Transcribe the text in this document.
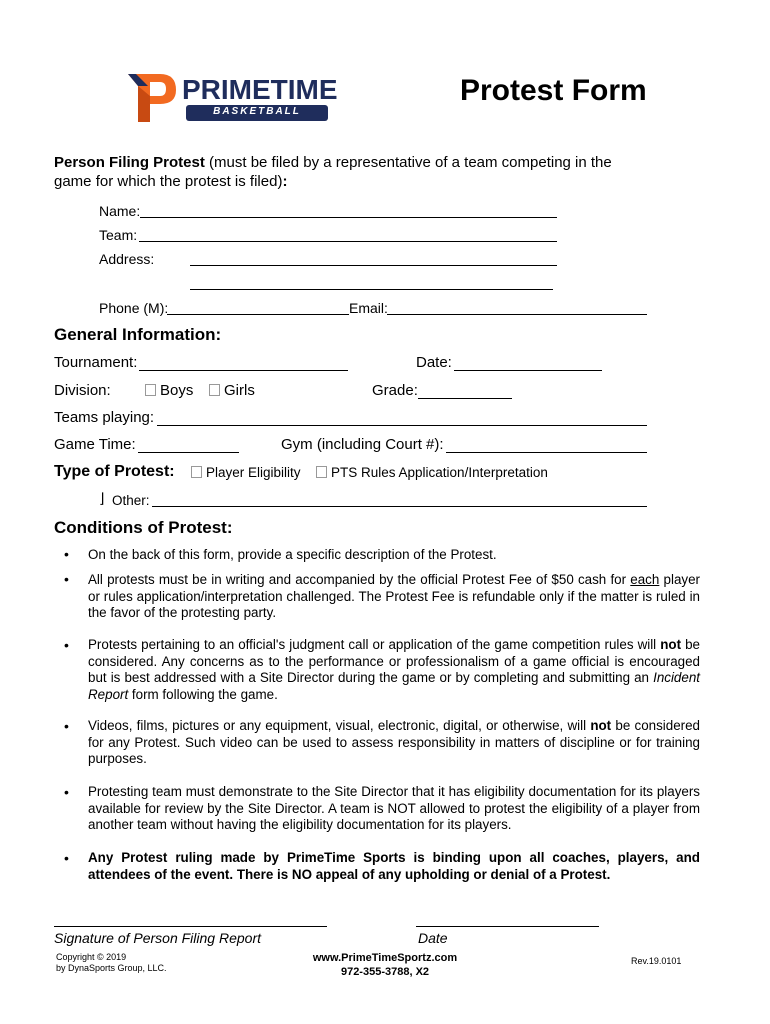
PRIMETIME
BASKETBALL
Protest Form
Person Filing Protest (must be filed by a representative of a team competing in the
game for which the protest is filed):
Name:
Team:
Address:
Phone (M):	Email:
General Information:
Tournament:	Date:
Division:	Boys	Girls	Grade:
Teams playing:
Game Time:	Gym (including Court #):
Type of Protest:	Player Eligibility	PTS Rules Application/Interpretation
⌋ Other:
Conditions of Protest:
• On the back of this form, provide a specific description of the Protest.
• All protests must be in writing and accompanied by the official Protest Fee of $50 cash for each player or rules application/interpretation challenged. The Protest Fee is refundable only if the matter is ruled in the favor of the protesting party.
• Protests pertaining to an official's judgment call or application of the game competition rules will not be considered. Any concerns as to the performance or professionalism of a game official is encouraged but is best addressed with a Site Director during the game or by completing and submitting an Incident Report form following the game.
• Videos, films, pictures or any equipment, visual, electronic, digital, or otherwise, will not be considered for any Protest. Such video can be used to assess responsibility in matters of discipline or for training purposes.
• Protesting team must demonstrate to the Site Director that it has eligibility documentation for its players available for review by the Site Director. A team is NOT allowed to protest the eligibility of a player from another team without having the eligibility documentation for its players.
• Any Protest ruling made by PrimeTime Sports is binding upon all coaches, players, and attendees of the event. There is NO appeal of any upholding or denial of a Protest.
Signature of Person Filing Report	Date
Copyright © 2019
by DynaSports Group, LLC.
www.PrimeTimeSportz.com
972-355-3788, X2
Rev.19.0101
